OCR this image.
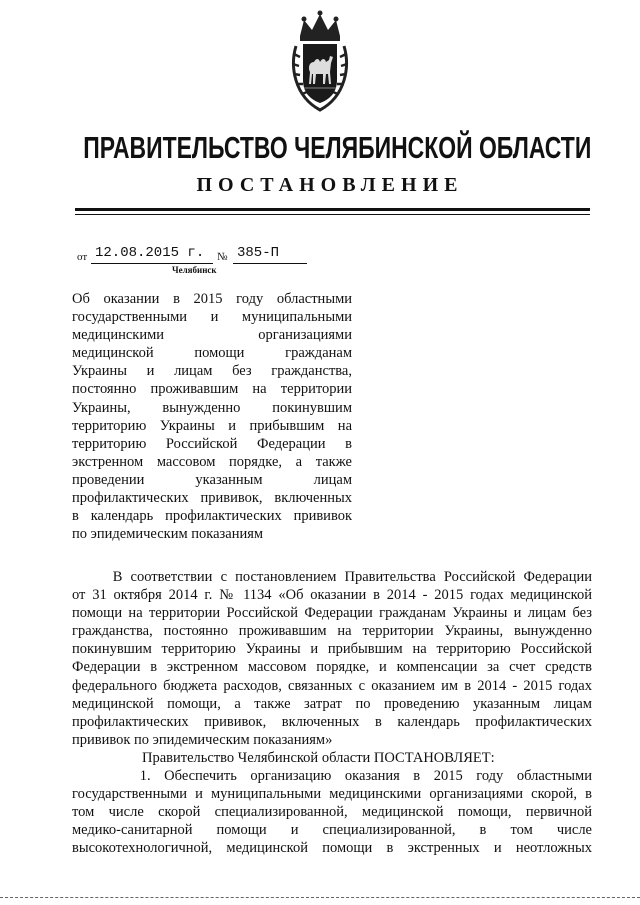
ПРАВИТЕЛЬСТВО ЧЕЛЯБИНСКОЙ ОБЛАСТИ
ПОСТАНОВЛЕНИЕ
от 12.08.2015 г.	№ 385-П
Челябинск
Об оказании в 2015 году областными
государственными и муниципальными
медицинскими организациями
медицинской помощи гражданам
Украины и лицам без гражданства,
постоянно проживавшим на территории
Украины, вынужденно покинувшим
территорию Украины и прибывшим на
территорию Российской Федерации в
экстренном массовом порядке, а также
проведении указанным лицам
профилактических прививок, включенных
в календарь профилактических прививок
по эпидемическим показаниям
В соответствии с постановлением Правительства Российской Федерации
от 31 октября 2014 г. № 1134 «Об оказании в 2014 - 2015 годах медицинской
помощи на территории Российской Федерации гражданам Украины и лицам без
гражданства, постоянно проживавшим на территории Украины, вынужденно
покинувшим территорию Украины и прибывшим на территорию Российской
Федерации в экстренном массовом порядке, и компенсации за счет средств
федерального бюджета расходов, связанных с оказанием им в 2014 - 2015 годах
медицинской помощи, а также затрат по проведению указанным лицам
профилактических прививок, включенных в календарь профилактических
прививок по эпидемическим показаниям»
Правительство Челябинской области ПОСТАНОВЛЯЕТ:
1. Обеспечить организацию оказания в 2015 году областными
государственными и муниципальными медицинскими организациями скорой, в
том числе скорой специализированной, медицинской помощи, первичной
медико-санитарной помощи и специализированной, в том числе
высокотехнологичной, медицинской помощи в экстренных и неотложных
